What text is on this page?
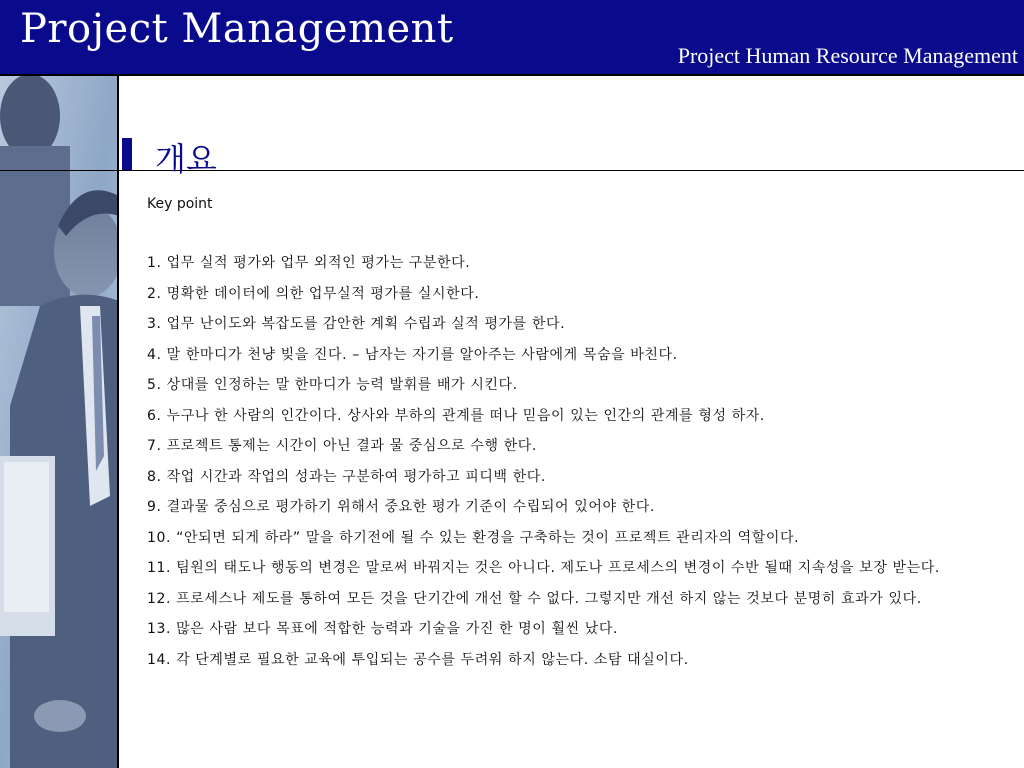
Project Management
Project Human Resource Management
개요
Key point
1. 업무 실적 평가와 업무 외적인 평가는 구분한다.
2. 명확한 데이터에 의한 업무실적 평가를 실시한다.
3. 업무 난이도와 복잡도를 감안한 계획 수립과 실적 평가를 한다.
4. 말 한마디가 천냥 빚을 진다. – 남자는 자기를 알아주는 사람에게 목숨을 바친다.
5. 상대를 인정하는 말 한마디가 능력 발휘를 배가 시킨다.
6. 누구나 한 사람의 인간이다. 상사와 부하의 관계를 떠나 믿음이 있는 인간의 관계를 형성 하자.
7. 프로젝트 통제는 시간이 아닌 결과 물 중심으로 수행 한다.
8. 작업 시간과 작업의 성과는 구분하여 평가하고 피디백 한다.
9. 결과물 중심으로 평가하기 위해서 중요한 평가 기준이 수립되어 있어야 한다.
10. “안되면 되게 하라” 말을 하기전에 될 수 있는 환경을 구축하는 것이 프로젝트 관리자의 역할이다.
11. 팀원의 태도나 행동의 변경은 말로써 바꿔지는 것은 아니다. 제도나 프로세스의 변경이 수반 될때 지속성을 보장 받는다.
12. 프로세스나 제도를 통하여 모든 것을 단기간에 개선 할 수 없다. 그렇지만 개선 하지 않는 것보다 분명히 효과가 있다.
13. 많은 사람 보다 목표에 적합한 능력과 기술을 가진 한 명이 훨씬 났다.
14. 각 단계별로 필요한 교육에 투입되는 공수를 두려워 하지 않는다. 소탐 대실이다.
